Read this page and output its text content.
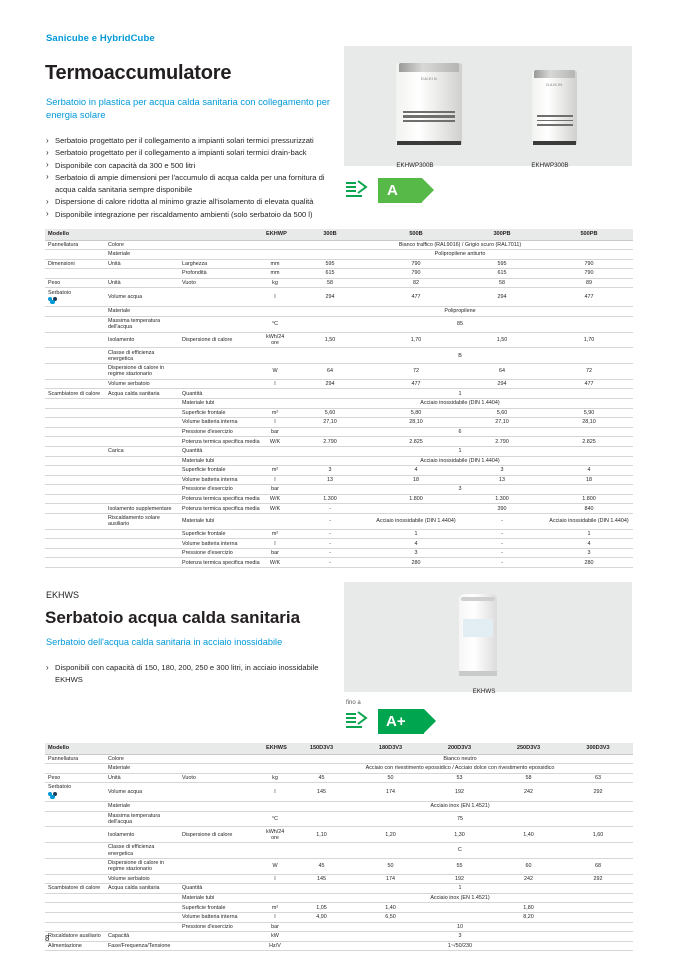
Sanicube e HybridCube
Termoaccumulatore
Serbatoio in plastica per acqua calda sanitaria con collegamento per energia solare
› Serbatoio progettato per il collegamento a impianti solari termici pressurizzati
› Serbatoio progettato per il collegamento a impianti solari termici drain-back
› Disponibile con capacità da 300 e 500 litri
› Serbatoio di ampie dimensioni per l'accumulo di acqua calda per una fornitura di acqua calda sanitaria sempre disponibile
› Dispersione di calore ridotta al minimo grazie all'isolamento di elevata qualità
› Disponibile integrazione per riscaldamento ambienti (solo serbatoio da 500 l)
DAIKIN
DAIKIN
EKHWP300B	EKHWP300B
A
Modello				EKHWP	300B	500B	300PB	500PB
Pannellatura	Colore				Bianco traffico (RAL9016) / Grigio scuro (RAL7011)			
	Materiale				Polipropilene antiurto			
Dimensioni	Unità	Larghezza		mm	595	790	595	790
		Profondità		mm	615	790	615	790
Peso	Unità	Vuoto		kg	58	82	58	89
Serbatoio	Volume acqua			l	294	477	294	477
	Materiale				Polipropilene			
	Massima temperatura dell'acqua			°C	85			
	Isolamento	Dispersione di calore		kWh/24 ore	1,50	1,70	1,50	1,70
	Classe di efficienza energetica				B			
	Dispersione di calore in regime stazionario			W	64	72	64	72
	Volume serbatoio			l	294	477	294	477
Scambiatore di calore	Acqua calda sanitaria	Quantità			1			
		Materiale tubi			Acciaio inossidabile (DIN 1.4404)			
		Superficie frontale		m²	5,60	5,80	5,60	5,90
		Volume batteria interna		l	27,10	28,10	27,10	28,10
		Pressione d'esercizio		bar	6			
		Potenza termica specifica media		W/K	2.790	2.825	2.790	2.825
	Carica	Quantità			1			
		Materiale tubi			Acciaio inossidabile (DIN 1.4404)			
		Superficie frontale		m²	3	4	3	4
		Volume batteria interna		l	13	18	13	18
		Pressione d'esercizio		bar	3			
		Potenza termica specifica media		W/K	1.300	1.800	1.300	1.800
	Isolamento supplementare	Potenza termica specifica media		W/K	-		390	840
	Riscaldamento solare ausiliario	Materiale tubi			-	Acciaio inossidabile (DIN 1.4404)	-	Acciaio inossidabile (DIN 1.4404)
		Superficie frontale		m²	-	1	-	1
		Volume batteria interna		l	-	4	-	4
		Pressione d'esercizio		bar	-	3	-	3
		Potenza termica specifica media		W/K	-	280	-	280
EKHWS
Serbatoio acqua calda sanitaria
Serbatoio dell'acqua calda sanitaria in acciaio inossidabile
› Disponibili con capacità di 150, 180, 200, 250 e 300 litri, in acciaio inossidabile EKHWS
EKHWS
fino a
A+
Modello				EKHWS	150D3V3	180D3V3	200D3V3	250D3V3	300D3V3
Pannellatura	Colore				Bianco neutro				
	Materiale				Acciaio con rivestimento epossidico / Acciaio dolce con rivestimento epossidico				
Peso	Unità	Vuoto		kg	45	50	53	58	63
Serbatoio	Volume acqua			l	145	174	192	242	292
	Materiale				Acciaio inox (EN 1.4521)				
	Massima temperatura dell'acqua			°C	75				
	Isolamento	Dispersione di calore		kWh/24 ore	1,10	1,20	1,30	1,40	1,60
	Classe di efficienza energetica				C				
	Dispersione di calore in regime stazionario			W	45	50	55	60	68
	Volume serbatoio			l	145	174	192	242	292
Scambiatore di calore	Acqua calda sanitaria	Quantità			1				
		Materiale tubi			Acciaio inox (EN 1.4521)				
		Superficie frontale		m²	1,05	1,40		1,80	
		Volume batteria interna		l	4,90	6,50		8,20	
		Pressione d'esercizio		bar	10				
Riscaldatore ausiliario	Capacità			kW	3				
Alimentazione	Fase/Frequenza/Tensione			Hz/V	1~/50/230				
8
